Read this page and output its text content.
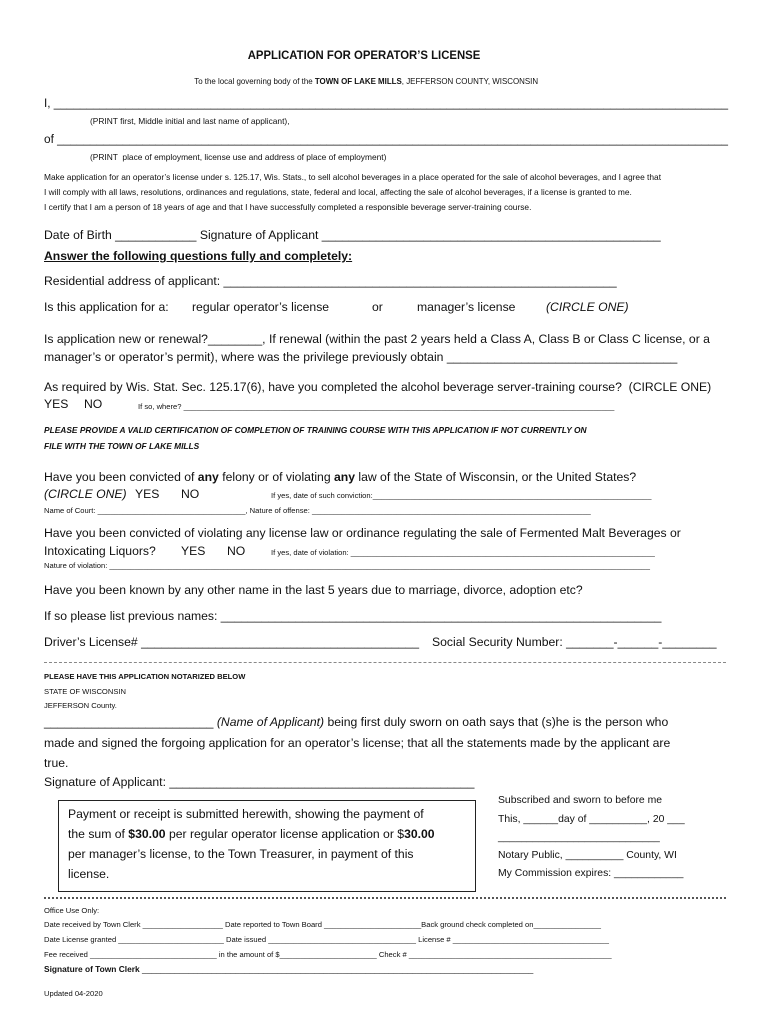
APPLICATION FOR OPERATOR’S LICENSE

To the local governing body of the TOWN OF LAKE MILLS, JEFFERSON COUNTY, WISCONSIN

I, _______________________________________________________________________________________________________
(PRINT first, Middle initial and last name of applicant),
of ______________________________________________________________________________________________________
(PRINT  place of employment, license use and address of place of employment)
Make application for an operator’s license under s. 125.17, Wis. Stats., to sell alcohol beverages in a place operated for the sale of alcohol beverages, and I agree that
I will comply with all laws, resolutions, ordinances and regulations, state, federal and local, affecting the sale of alcohol beverages, if a license is granted to me.
I certify that I am a person of 18 years of age and that I have successfully completed a responsible beverage server-training course.
Date of Birth ____________ Signature of Applicant __________________________________________________
Answer the following questions fully and completely:
Residential address of applicant: __________________________________________________________
Is this application for a: regular operator’s license	or	manager’s license	(CIRCLE ONE)
Is application new or renewal?________, If renewal (within the past 2 years held a Class A, Class B or Class C license, or a
manager’s or operator’s permit), where was the privilege previously obtain __________________________________
As required by Wis. Stat. Sec. 125.17(6), have you completed the alcohol beverage server-training course?  (CIRCLE ONE)
YES NO	If so, where? ______________________________________________________________________________________________________
PLEASE PROVIDE A VALID CERTIFICATION OF COMPLETION OF TRAINING COURSE WITH THIS APPLICATION IF NOT CURRENTLY ON
FILE WITH THE TOWN OF LAKE MILLS
Have you been convicted of any felony or of violating any law of the State of Wisconsin, or the United States?
(CIRCLE ONE) YES NO	If yes, date of such conviction:__________________________________________________________________
Name of Court: ___________________________________, Nature of offense: __________________________________________________________________
Have you been convicted of violating any license law or ordinance regulating the sale of Fermented Malt Beverages or
Intoxicating Liquors? YES NO	If yes, date of violation: ________________________________________________________________________
Nature of violation: ________________________________________________________________________________________________________________________________
Have you been known by any other name in the last 5 years due to marriage, divorce, adoption etc?
If so please list previous names: _________________________________________________________________
Driver’s License# _________________________________________ Social Security Number: _______-______-________
PLEASE HAVE THIS APPLICATION NOTARIZED BELOW
STATE OF WISCONSIN
JEFFERSON County.
_________________________ (Name of Applicant) being first duly sworn on oath says that (s)he is the person who
made and signed the forgoing application for an operator’s license; that all the statements made by the applicant are
true.
Signature of Applicant: _____________________________________________
Payment or receipt is submitted herewith, showing the payment of
the sum of $30.00 per regular operator license application or $30.00
per manager’s license, to the Town Treasurer, in payment of this
license.
Subscribed and sworn to before me
This, ______day of __________, 20 ___
____________________________
Notary Public, __________ County, WI
My Commission expires: ____________
Office Use Only:
Date received by Town Clerk ___________________ Date reported to Town Board _______________________Back ground check completed on________________
Date License granted _________________________ Date issued ___________________________________ License # _____________________________________
Fee received ______________________________ in the amount of $_______________________ Check # ________________________________________________
Signature of Town Clerk ____________________________________________________________________________________
Updated 04-2020
